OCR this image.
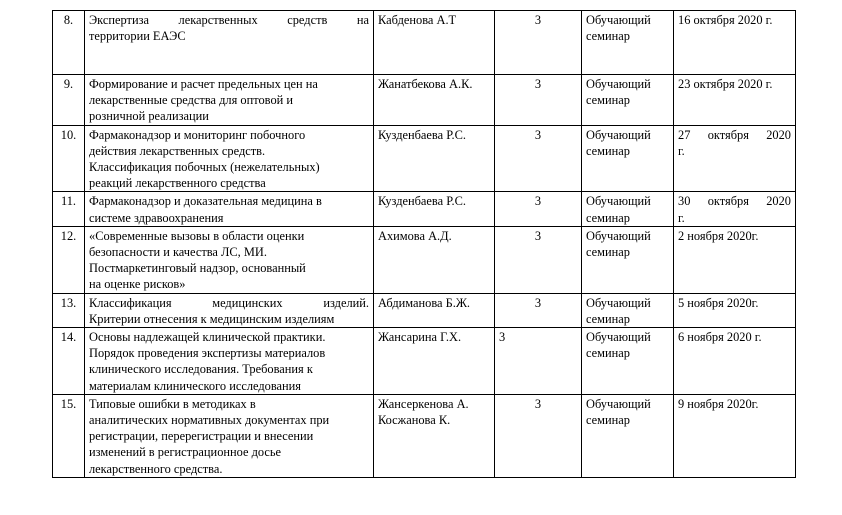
8.	Экспертиза лекарственных средств на
территории ЕАЭС	Кабденова А.Т	3	Обучающий
семинар	16 октября 2020 г.

9.	Формирование и расчет предельных цен на
лекарственные средства для оптовой и
розничной реализации	Жанатбекова А.К.	3	Обучающий
семинар	23 октября 2020 г.

10.	Фармаконадзор и мониторинг побочного
действия лекарственных средств.
Классификация побочных (нежелательных)
реакций лекарственного средства	Кузденбаева Р.С.	3	Обучающий
семинар	27 октября 2020
г.

11.	Фармаконадзор и доказательная медицина в
системе здравоохранения	Кузденбаева Р.С.	3	Обучающий
семинар	30 октября 2020
г.

12.	«Современные вызовы в области оценки
безопасности и качества ЛС, МИ.
Постмаркетинговый надзор, основанный
на оценке рисков»	Ахимова А.Д.	3	Обучающий
семинар	2 ноября 2020г.

13.	Классификация медицинских изделий.
Критерии отнесения к медицинским изделиям	Абдиманова Б.Ж.	3	Обучающий
семинар	5 ноября 2020г.

14.	Основы надлежащей клинической практики.
Порядок проведения экспертизы материалов
клинического исследования. Требования к
материалам клинического исследования	Жансарина Г.Х.	3	Обучающий
семинар	6 ноября 2020 г.

15.	Типовые ошибки в методиках в
аналитических нормативных документах при
регистрации, перерегистрации и внесении
изменений в регистрационное досье
лекарственного средства.	Жансеркенова А.
Косжанова К.	3	Обучающий
семинар	9 ноября 2020г.
